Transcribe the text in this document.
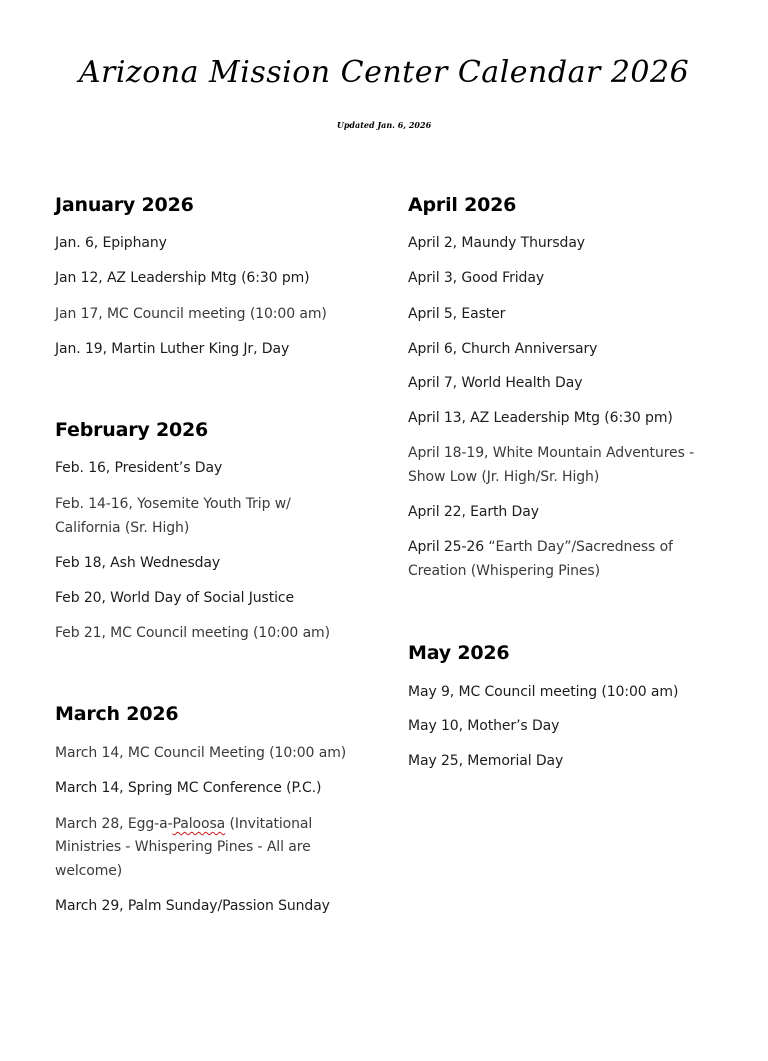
Arizona Mission Center Calendar 2026
Updated Jan. 6, 2026
January 2026
Jan. 6, Epiphany
Jan 12, AZ Leadership Mtg (6:30 pm)
Jan 17, MC Council meeting (10:00 am)
Jan. 19, Martin Luther King Jr, Day
February 2026
Feb. 16, President’s Day
Feb. 14-16, Yosemite Youth Trip w/
California (Sr. High)
Feb 18, Ash Wednesday
Feb 20, World Day of Social Justice
Feb 21, MC Council meeting (10:00 am)
March 2026
March 14, MC Council Meeting (10:00 am)
March 14, Spring MC Conference (P.C.)
March 28, Egg-a-Paloosa (Invitational
Ministries - Whispering Pines - All are
welcome)
March 29, Palm Sunday/Passion Sunday
April 2026
April 2, Maundy Thursday
April 3, Good Friday
April 5, Easter
April 6, Church Anniversary
April 7, World Health Day
April 13, AZ Leadership Mtg (6:30 pm)
April 18-19, White Mountain Adventures -
Show Low (Jr. High/Sr. High)
April 22, Earth Day
April 25-26 “Earth Day”/Sacredness of
Creation (Whispering Pines)
May 2026
May 9, MC Council meeting (10:00 am)
May 10, Mother’s Day
May 25, Memorial Day
